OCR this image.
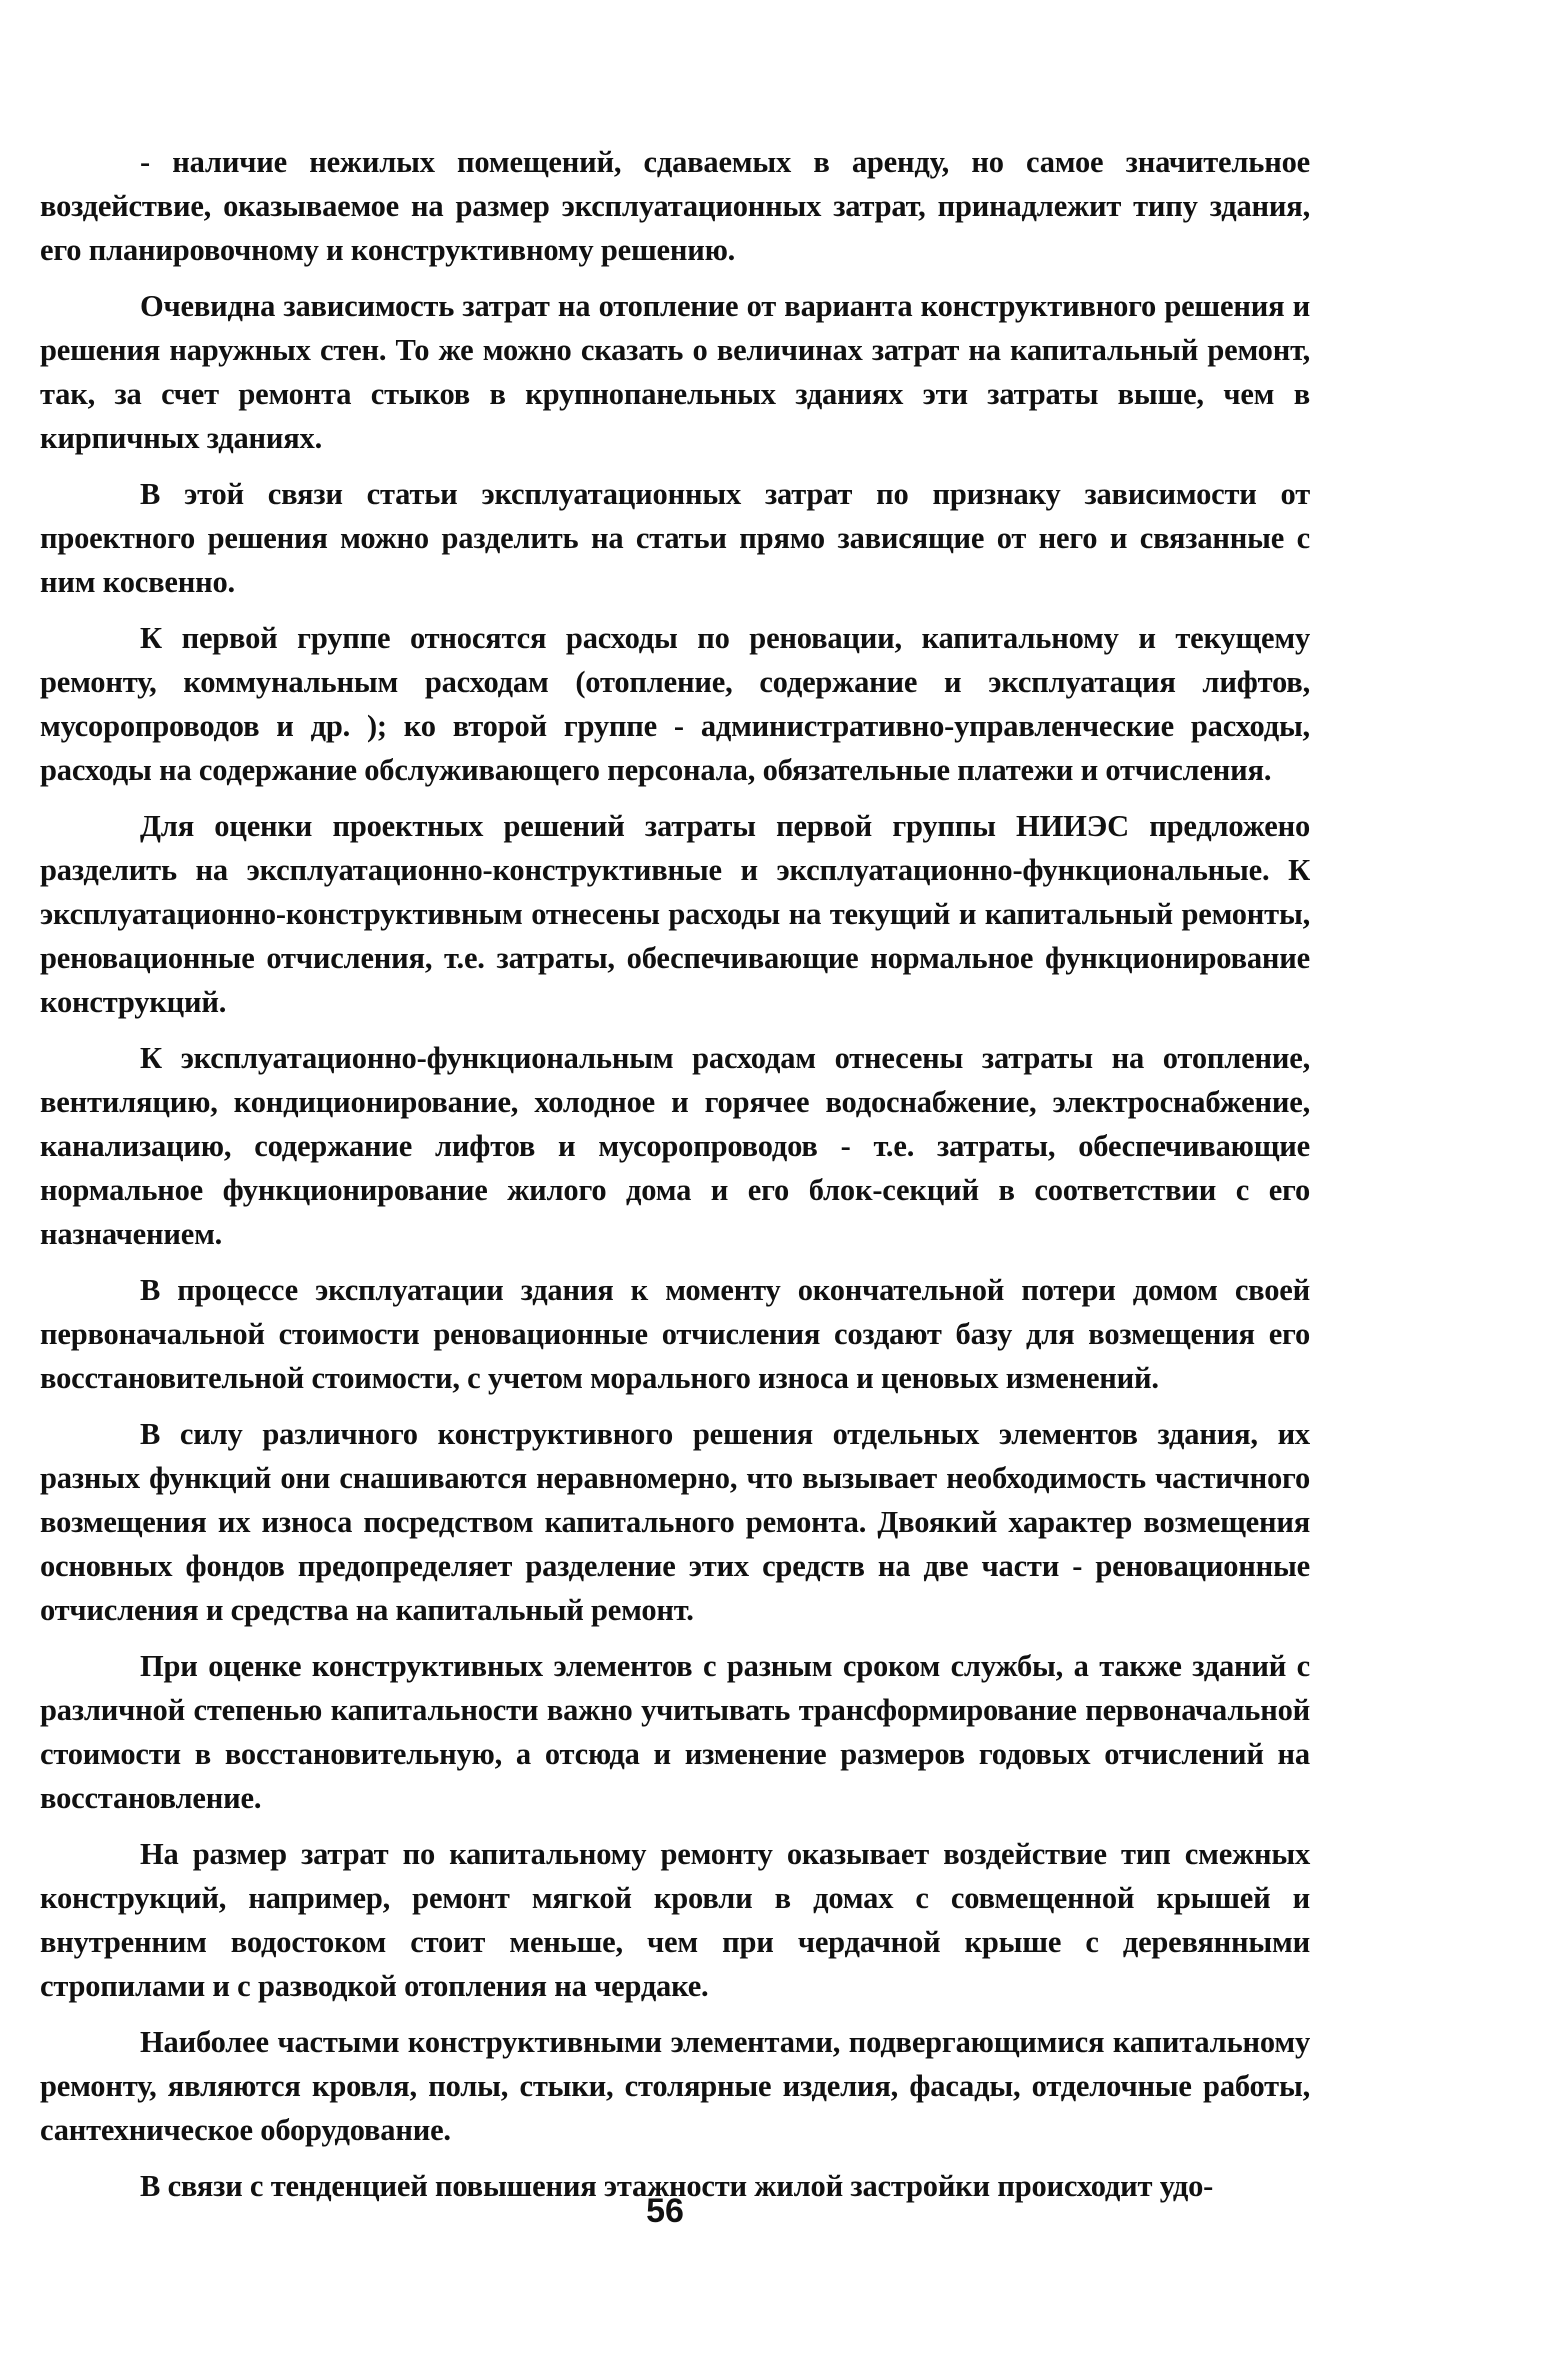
- наличие нежилых помещений, сдаваемых в аренду, но самое значительное воздействие, оказываемое на размер эксплуатационных затрат, принадлежит типу здания, его планировочному и конструктивному решению.

Очевидна зависимость затрат на отопление от варианта конструктивного решения и решения наружных стен. То же можно сказать о величинах затрат на капитальный ремонт, так, за счет ремонта стыков в крупнопанельных зданиях эти затраты выше, чем в кирпичных зданиях.

В этой связи статьи эксплуатационных затрат по признаку зависимости от проектного решения можно разделить на статьи прямо зависящие от него и связанные с ним косвенно.

К первой группе относятся расходы по реновации, капитальному и текущему ремонту, коммунальным расходам (отопление, содержание и эксплуатация лифтов, мусоропроводов и др. ); ко второй группе - административно-управленческие расходы, расходы на содержание обслуживающего персонала, обязательные платежи и отчисления.

Для оценки проектных решений затраты первой группы НИИЭС предложено разделить на эксплуатационно-конструктивные и эксплуатационно-функциональные. К эксплуатационно-конструктивным отнесены расходы на текущий и капитальный ремонты, реновационные отчисления, т.е. затраты, обеспечивающие нормальное функционирование конструкций.

К эксплуатационно-функциональным расходам отнесены затраты на отопление, вентиляцию, кондиционирование, холодное и горячее водоснабжение, электроснабжение, канализацию, содержание лифтов и мусоропроводов - т.е. затраты, обеспечивающие нормальное функционирование жилого дома и его блок-секций в соответствии с его назначением.

В процессе эксплуатации здания к моменту окончательной потери домом своей первоначальной стоимости реновационные отчисления создают базу для возмещения его восстановительной стоимости, с учетом морального износа и ценовых изменений.

В силу различного конструктивного решения отдельных элементов здания, их разных функций они снашиваются неравномерно, что вызывает необходимость частичного возмещения их износа посредством капитального ремонта. Двоякий характер возмещения основных фондов предопределяет разделение этих средств на две части - реновационные отчисления и средства на капитальный ремонт.

При оценке конструктивных элементов с разным сроком службы, а также зданий с различной степенью капитальности важно учитывать трансформирование первоначальной стоимости в восстановительную, а отсюда и изменение размеров годовых отчислений на восстановление.

На размер затрат по капитальному ремонту оказывает воздействие тип смежных конструкций, например, ремонт мягкой кровли в домах с совмещенной крышей и внутренним водостоком стоит меньше, чем при чердачной крыше с деревянными стропилами и с разводкой отопления на чердаке.

Наиболее частыми конструктивными элементами, подвергающимися капитальному ремонту, являются кровля, полы, стыки, столярные изделия, фасады, отделочные работы, сантехническое оборудование.

В связи с тенденцией повышения этажности жилой застройки происходит удо-

56
